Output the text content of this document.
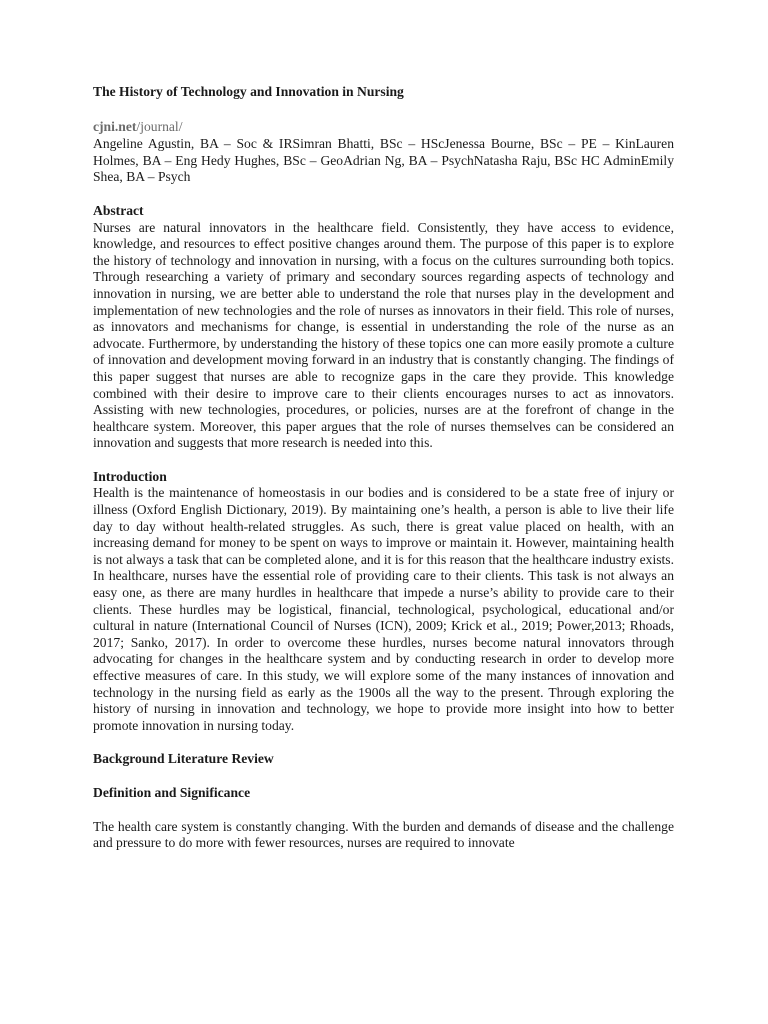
The History of Technology and Innovation in Nursing

cjni.net/journal/

Angeline Agustin, BA – Soc & IRSimran Bhatti, BSc – HScJenessa Bourne, BSc – PE – KinLauren Holmes, BA – Eng Hedy Hughes, BSc – GeoAdrian Ng, BA – PsychNatasha Raju, BSc HC AdminEmily Shea, BA – Psych

Abstract

Nurses are natural innovators in the healthcare field. Consistently, they have access to evidence, knowledge, and resources to effect positive changes around them. The purpose of this paper is to explore the history of technology and innovation in nursing, with a focus on the cultures surrounding both topics. Through researching a variety of primary and secondary sources regarding aspects of technology and innovation in nursing, we are better able to understand the role that nurses play in the development and implementation of new technologies and the role of nurses as innovators in their field. This role of nurses, as innovators and mechanisms for change, is essential in understanding the role of the nurse as an advocate. Furthermore, by understanding the history of these topics one can more easily promote a culture of innovation and development moving forward in an industry that is constantly changing. The findings of this paper suggest that nurses are able to recognize gaps in the care they provide. This knowledge combined with their desire to improve care to their clients encourages nurses to act as innovators. Assisting with new technologies, procedures, or policies, nurses are at the forefront of change in the healthcare system. Moreover, this paper argues that the role of nurses themselves can be considered an innovation and suggests that more research is needed into this.

Introduction

Health is the maintenance of homeostasis in our bodies and is considered to be a state free of injury or illness (Oxford English Dictionary, 2019). By maintaining one’s health, a person is able to live their life day to day without health-related struggles. As such, there is great value placed on health, with an increasing demand for money to be spent on ways to improve or maintain it. However, maintaining health is not always a task that can be completed alone, and it is for this reason that the healthcare industry exists. In healthcare, nurses have the essential role of providing care to their clients. This task is not always an easy one, as there are many hurdles in healthcare that impede a nurse’s ability to provide care to their clients. These hurdles may be logistical, financial, technological, psychological, educational and/or cultural in nature (International Council of Nurses (ICN), 2009; Krick et al., 2019; Power,2013; Rhoads, 2017; Sanko, 2017). In order to overcome these hurdles, nurses become natural innovators through advocating for changes in the healthcare system and by conducting research in order to develop more effective measures of care. In this study, we will explore some of the many instances of innovation and technology in the nursing field as early as the 1900s all the way to the present. Through exploring the history of nursing in innovation and technology, we hope to provide more insight into how to better promote innovation in nursing today.

Background Literature Review

Definition and Significance

The health care system is constantly changing. With the burden and demands of disease and the challenge and pressure to do more with fewer resources, nurses are required to innovate
